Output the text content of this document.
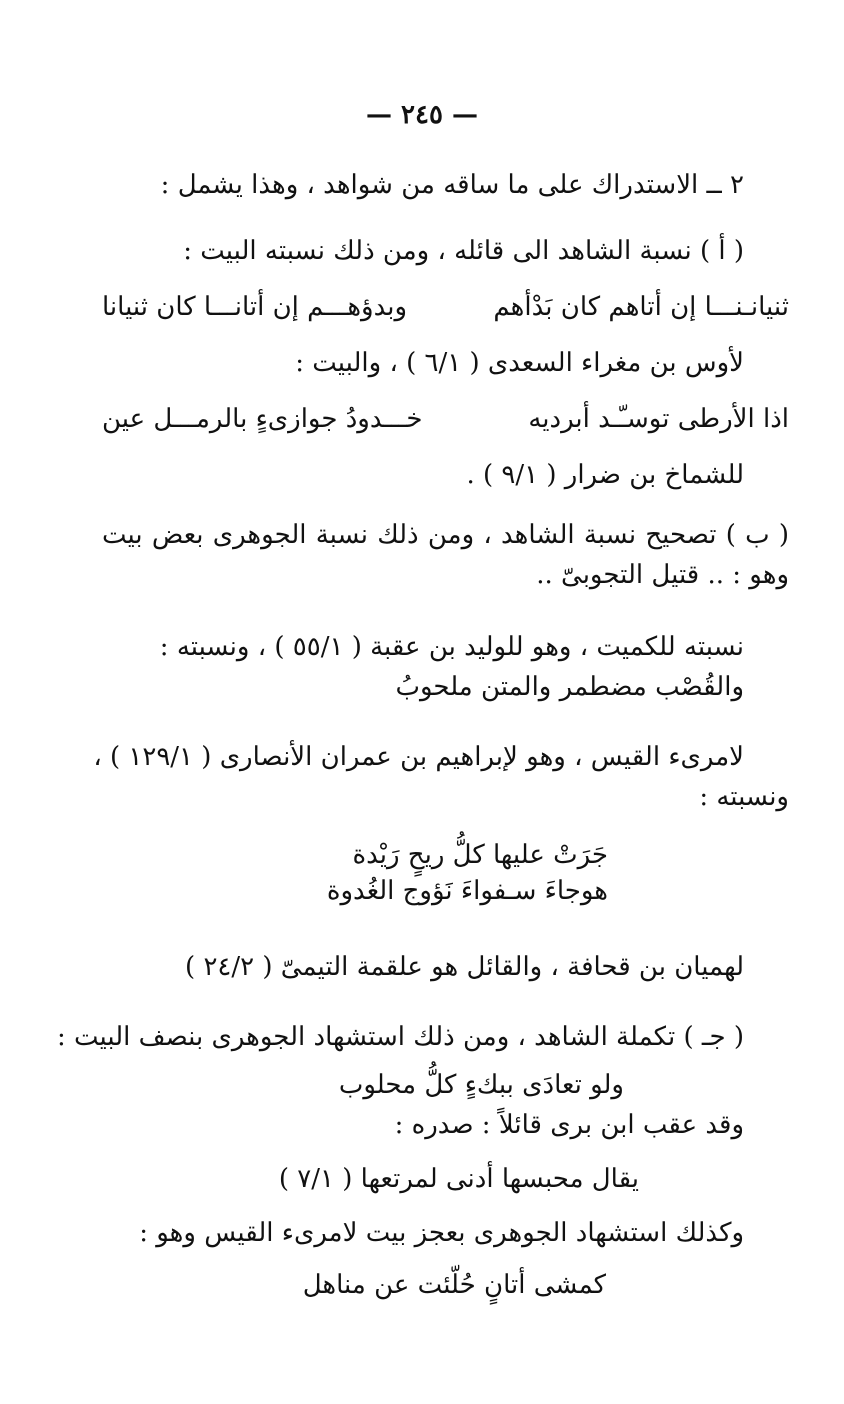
— ٢٤٥ —
٢ ــ الاستدراك على ما ساقه من شواهد ، وهذا يشمل :
( أ ) نسبة الشاهد الى قائله ، ومن ذلك نسبته البيت :
ثنيانـنـــا إن أتاهم كان بَدْأهم
وبدؤهـــم إن أتانـــا كان ثنيانا
لأوس بن مغراء السعدى ( ٦/١ ) ، والبيت :
اذا الأرطى توسـّـد أبرديه
خـــدودُ جوازىءٍ بالرمـــل عين
للشماخ بن ضرار ( ٩/١ ) .
( ب ) تصحيح نسبة الشاهد ، ومن ذلك نسبة الجوهرى بعض بيت
وهو : .. قتيل التجوبىّ ..
نسبته للكميت ، وهو للوليد بن عقبة ( ٥٥/١ ) ، ونسبته :
والقُصْب مضطمر والمتن ملحوبُ
لامرىء القيس ، وهو لإبراهيم بن عمران الأنصارى ( ١٢٩/١ ) ،
ونسبته :
جَرَتْ عليها كلُّ ريحٍ رَيْدة
هوجاءَ سـفواءَ نَؤوج الغُدوة
لهميان بن قحافة ، والقائل هو علقمة التيمىّ ( ٢٤/٢ )
( جـ ) تكملة الشاهد ، ومن ذلك استشهاد الجوهرى بنصف البيت :
ولو تعادَى ببكءٍ كلُّ محلوب
وقد عقب ابن برى قائلاً : صدره :
يقال محبسها أدنى لمرتعها ( ٧/١ )
وكذلك استشهاد الجوهرى بعجز بيت لامرىء القيس وهو :
كمشى أتانٍ حُلّئت عن مناهل
